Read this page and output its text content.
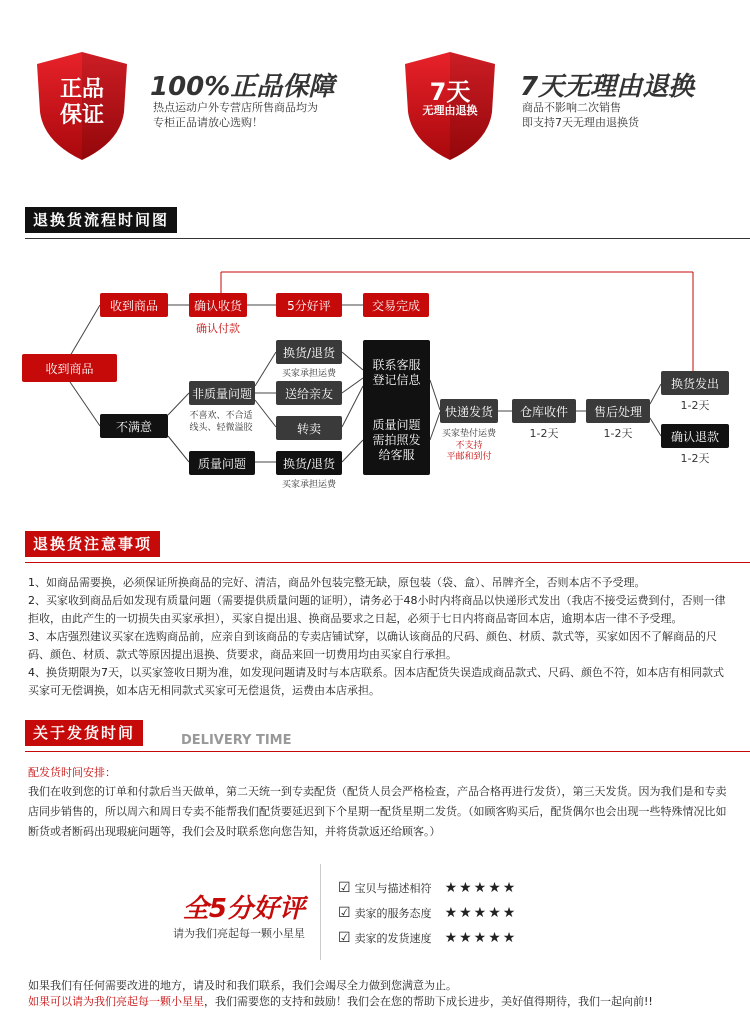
正品
保证
100%正品保障
热点运动户外专营店所售商品均为
专柜正品请放心选购！
7天
无理由退换
7天无理由退换
商品不影响二次销售
即支持7天无理由退换货
退换货流程时间图
收到商品
收到商品	确认收货
确认付款
5分好评	交易完成
不满意
非质量问题
不喜欢、不合适
线头、轻微溢胶
质量问题
换货/退货
买家承担运费
送给亲友
转卖
换货/退货
买家承担运费
联系客服
登记信息
质量问题
需拍照发
给客服
快递发货
买家垫付运费
不支持
平邮和到付
仓库收件
1-2天
售后处理
1-2天
换货发出
1-2天
确认退款
1-2天
退换货注意事项

1、如商品需要换，必须保证所换商品的完好、清洁，商品外包装完整无缺，原包装（袋、盒）、吊牌齐全，否则本店不予受理。

2、买家收到商品后如发现有质量问题（需要提供质量问题的证明），请务必于48小时内将商品以快递形式发出（我店不接受运费到付，否则一律拒收，由此产生的一切损失由买家承担），买家自提出退、换商品要求之日起，必须于七日内将商品寄回本店，逾期本店一律不予受理。

3、本店强烈建议买家在选购商品前，应亲自到该商品的专卖店铺试穿，以确认该商品的尺码、颜色、材质、款式等，买家如因不了解商品的尺码、颜色、材质、款式等原因提出退换、货要求，商品来回一切费用均由买家自行承担。

4、换货期限为7天，以买家签收日期为准，如发现问题请及时与本店联系。因本店配货失误造成商品款式、尺码、颜色不符，如本店有相同款式买家可无偿调换，如本店无相同款式买家可无偿退货，运费由本店承担。

关于发货时间	DELIVERY TIME

配发货时间安排：

我们在收到您的订单和付款后当天做单，第二天统一到专卖配货（配货人员会严格检查，产品合格再进行发货），第三天发货。因为我们是和专卖店同步销售的，所以周六和周日专卖不能帮我们配货要延迟到下个星期一配货星期二发货。（如顾客购买后，配货偶尔也会出现一些特殊情况比如断货或者断码出现瑕疵问题等，我们会及时联系您向您告知，并将货款返还给顾客。）

全5分好评
请为我们亮起每一颗小星星
☑ 宝贝与描述相符 ★★★★★
☑ 卖家的服务态度 ★★★★★
☑ 卖家的发货速度 ★★★★★
如果我们有任何需要改进的地方，请及时和我们联系，我们会竭尽全力做到您满意为止。
如果可以请为我们亮起每一颗小星星，我们需要您的支持和鼓励！我们会在您的帮助下成长进步，美好值得期待，我们一起向前!!
